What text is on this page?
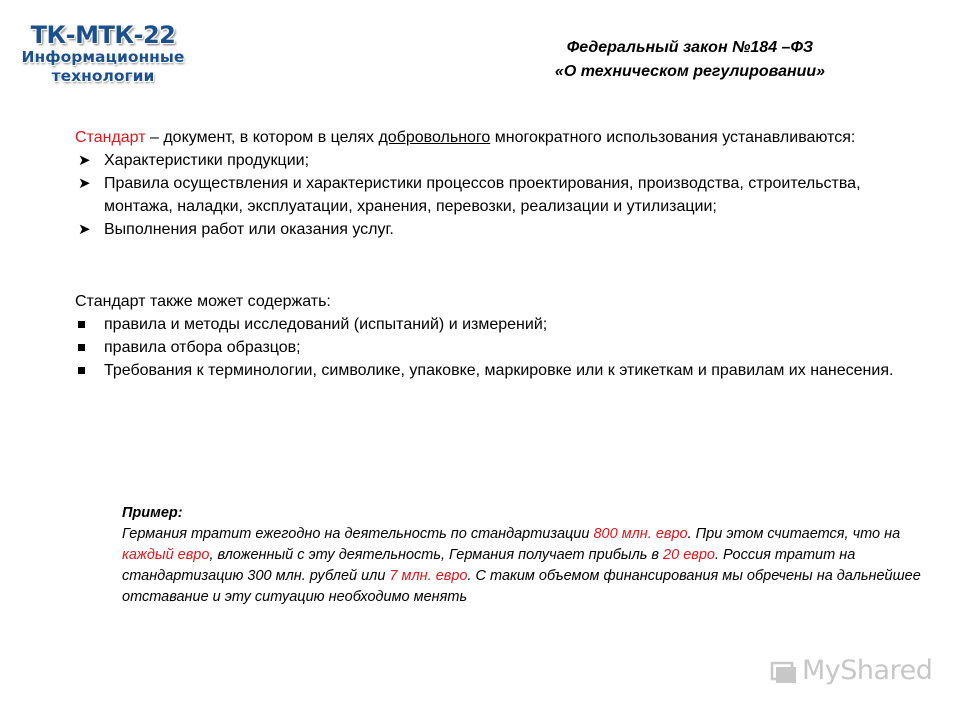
ТК-МТК-22
Информационные
технологии
Федеральный закон №184 –ФЗ
«О техническом регулировании»

Стандарт – документ, в котором в целях добровольного многократного использования устанавливаются:

➤ Характеристики продукции;
➤ Правила осуществления и характеристики процессов проектирования, производства, строительства, монтажа, наладки, эксплуатации, хранения, перевозки, реализации и утилизации;
➤ Выполнения работ или оказания услуг.

Стандарт также может содержать:

правила и методы исследований (испытаний) и измерений;
правила отбора образцов;
Требования к терминологии, символике, упаковке, маркировке или к этикеткам и правилам их нанесения.

Пример:

Германия тратит ежегодно на деятельность по стандартизации 800 млн. евро. При этом считается, что на каждый евро, вложенный с эту деятельность, Германия получает прибыль в 20 евро. Россия тратит на стандартизацию 300 млн. рублей или 7 млн. евро. С таким объемом финансирования мы обречены на дальнейшее отставание и эту ситуацию необходимо менять

MyShared
